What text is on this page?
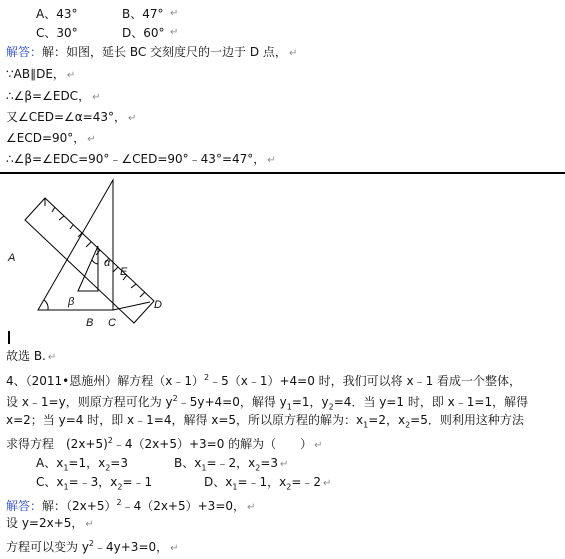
A、43°	B、47° ↵
C、30°	D、60° ↵
解答：解：如图，延长 BC 交刻度尺的一边于 D 点， ↵
∵AB∥DE， ↵
∴∠β=∠EDC， ↵
又∠CED=∠α=43°， ↵
∠ECD=90°， ↵
∴∠β=∠EDC=90°﹣∠CED=90°﹣43°=47°， ↵
A
E
D
B C
α
β
故选 B. ↵
4、（2011•恩施州）解方程（x﹣1）$^2$﹣5（x﹣1）+4=0 时，我们可以将 x﹣1 看成一个整体，
设 x﹣1=y，则原方程可化为 $y^2﹣5y+4=0$，解得 $y_1=1$，$y_2=4$．当 y=1 时，即 x﹣1=1，解得
x=2；当 y=4 时，即 x﹣1=4，解得 x=5，所以原方程的解为：$x_1=2$，$x_2=5$．则利用这种方法
求得方程　$(2x+5)^2﹣4(2x+5)+3=0$ 的解为（　　） ↵
A、$x_1=1$，$x_2=3$	B、$x_1=﹣2$，$x_2=3$ ↵
C、$x_1=﹣3$，$x_2=﹣1$	D、$x_1=﹣1$，$x_2=﹣2$ ↵
解答：解：$(2x+5)^2﹣4(2x+5)+3=0$， ↵
设 y=2x+5， ↵
方程可以变为 $y^2﹣4y+3=0$， ↵
